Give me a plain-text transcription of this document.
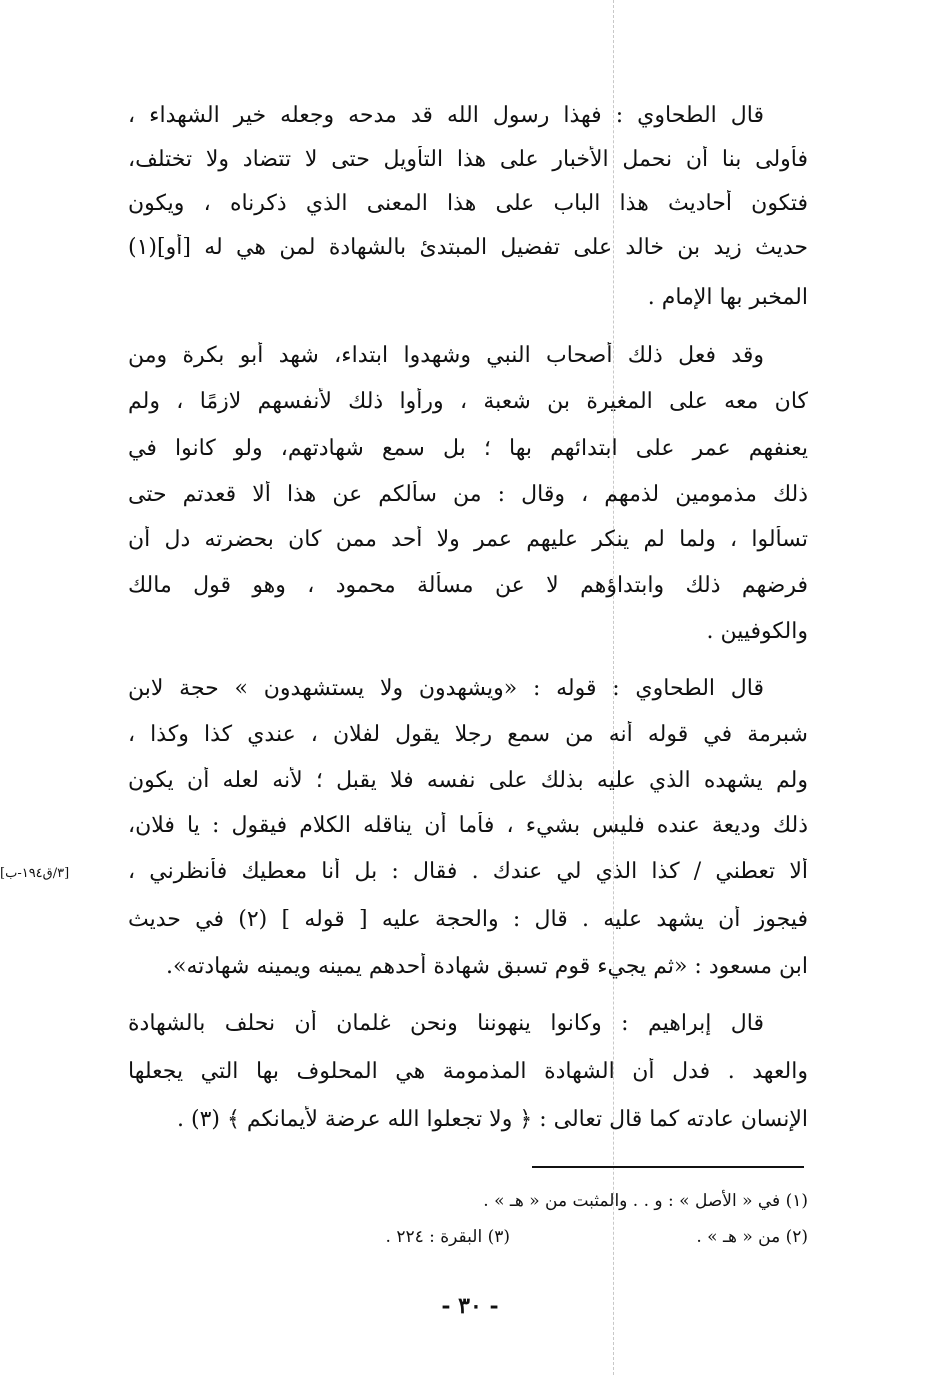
قال الطحاوي : فهذا رسول الله قد مدحه وجعله خير الشهداء ،
فأولى بنا أن نحمل الأخبار على هذا التأويل حتى لا تتضاد ولا تختلف،
فتكون أحاديث هذا الباب على هذا المعنى الذي ذكرناه ، ويكون
حديث زيد بن خالد على تفضيل المبتدئ بالشهادة لمن هي له [أو](١)
المخبر بها الإمام .
وقد فعل ذلك أصحاب النبي وشهدوا ابتداء، شهد أبو بكرة ومن
كان معه على المغيرة بن شعبة ، ورأوا ذلك لأنفسهم لازمًا ، ولم
يعنفهم عمر على ابتدائهم بها ؛ بل سمع شهادتهم، ولو كانوا في
ذلك مذمومين لذمهم ، وقال : من سألكم عن هذا ألا قعدتم حتى
تسألوا ، ولما لم ينكر عليهم عمر ولا أحد ممن كان بحضرته دل أن
فرضهم ذلك وابتداؤهم لا عن مسألة محمود ، وهو قول مالك
والكوفيين .
قال الطحاوي : قوله : «ويشهدون ولا يستشهدون » حجة لابن
شبرمة في قوله أنه من سمع رجلا يقول لفلان ، عندي كذا وكذا ،
ولم يشهده الذي عليه بذلك على نفسه فلا يقبل ؛ لأنه لعله أن يكون
ذلك وديعة عنده فليس بشيء ، فأما أن يناقله الكلام فيقول : يا فلان،
ألا تعطني / كذا الذي لي عندك . فقال : بل أنا معطيك فأنظرني ،
فيجوز أن يشهد عليه . قال : والحجة عليه [ قوله ] (٢) في حديث
ابن مسعود : «ثم يجيء قوم تسبق شهادة أحدهم يمينه ويمينه شهادته».
قال إبراهيم : وكانوا ينهوننا ونحن غلمان أن نحلف بالشهادة
والعهد . فدل أن الشهادة المذمومة هي المحلوف بها التي يجعلها
الإنسان عادته كما قال تعالى : ﴿ ولا تجعلوا الله عرضة لأيمانكم ﴾ (٣) .
[٣/ق١٩٤-ب]
(١) في « الأصل » : و . . والمثبت من « هـ » .
(٢) من « هـ » .
(٣) البقرة : ٢٢٤ .
- ٣٠ -
